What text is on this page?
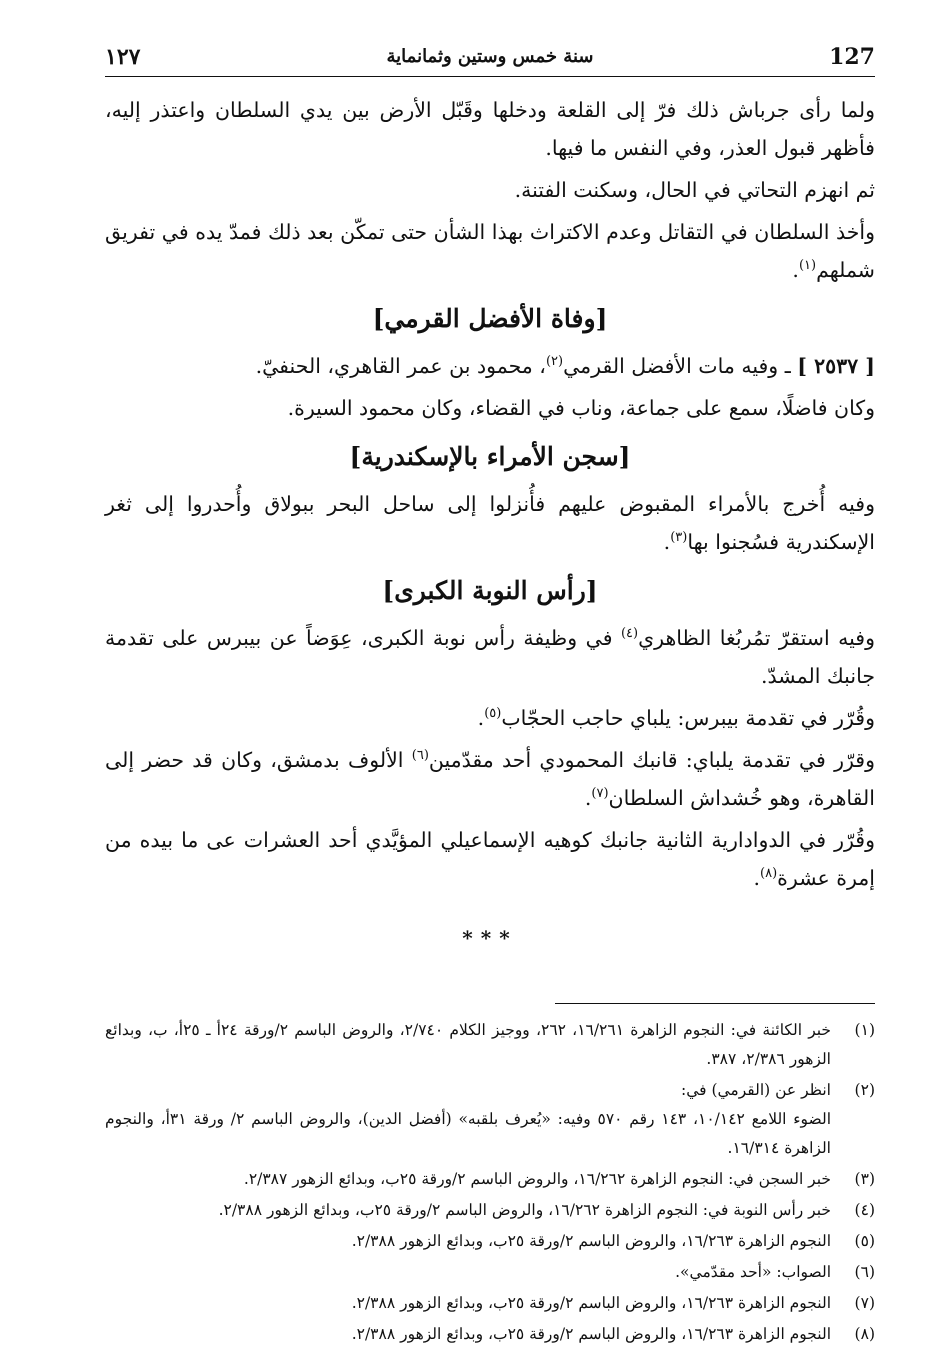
127
سنة خمس وستين وثمانماية
١٢٧

ولما رأى جرباش ذلك فرّ إلى القلعة ودخلها وقَبّل الأرض بين يدي السلطان واعتذر إليه، فأظهر قبول العذر، وفي النفس ما فيها.

ثم انهزم التحاتي في الحال، وسكنت الفتنة.

وأخذ السلطان في التقاتل وعدم الاكتراث بهذا الشأن حتى تمكّن بعد ذلك فمدّ يده في تفريق شملهم$^{(١)}$.

[وفاة الأفضل القرمي]

[ ٢٥٣٧ ] ـ وفيه مات الأفضل القرمي$^{(٢)}$، محمود بن عمر القاهري، الحنفيّ.

وكان فاضلًا، سمع على جماعة، وناب في القضاء، وكان محمود السيرة.

[سجن الأمراء بالإسكندرية]

وفيه أُخرج بالأمراء المقبوض عليهم فأُنزلوا إلى ساحل البحر ببولاق وأُحدروا إلى ثغر الإسكندرية فسُجنوا بها$^{(٣)}$.

[رأس النوبة الكبرى]

وفيه استقرّ تمُربُغا الظاهري$^{(٤)}$ في وظيفة رأس نوبة الكبرى، عِوَضاً عن بيبرس على تقدمة جانبك المشدّ.

وقُرّر في تقدمة بيبرس: يلباي حاجب الحجّاب$^{(٥)}$.

وقرّر في تقدمة يلباي: قانبك المحمودي أحد مقدّمين$^{(٦)}$ الألوف بدمشق، وكان قد حضر إلى القاهرة، وهو خُشداش السلطان$^{(٧)}$.

وقُرّر في الدوادارية الثانية جانبك كوهيه الإسماعيلي المؤيَّدي أحد العشرات عى ما بيده من إمرة عشرة$^{(٨)}$.

***
(١)
خبر الكائنة في: النجوم الزاهرة ١٦/٢٦١، ٢٦٢، ووجيز الكلام ٢/٧٤٠، والروض الباسم ٢/ورقة ٢٤أ ـ ٢٥أ، ب، وبدائع الزهور ٢/٣٨٦، ٣٨٧.
(٢)
انظر عن (القرمي) في:
الضوء اللامع ١٠/١٤٢، ١٤٣ رقم ٥٧٠ وفيه: «يُعرف بلقبه» (أفضل الدين)، والروض الباسم ٢/ ورقة ٣١أ، والنجوم الزاهرة ١٦/٣١٤.
(٣)
خبر السجن في: النجوم الزاهرة ١٦/٢٦٢، والروض الباسم ٢/ورقة ٢٥ب، وبدائع الزهور ٢/٣٨٧.
(٤)
خبر رأس النوبة في: النجوم الزاهرة ١٦/٢٦٢، والروض الباسم ٢/ورقة ٢٥ب، وبدائع الزهور ٢/٣٨٨.
(٥)
النجوم الزاهرة ١٦/٢٦٣، والروض الباسم ٢/ورقة ٢٥ب، وبدائع الزهور ٢/٣٨٨.
(٦)
الصواب: «أحد مقدّمي».
(٧)
النجوم الزاهرة ١٦/٢٦٣، والروض الباسم ٢/ورقة ٢٥ب، وبدائع الزهور ٢/٣٨٨.
(٨)
النجوم الزاهرة ١٦/٢٦٣، والروض الباسم ٢/ورقة ٢٥ب، وبدائع الزهور ٢/٣٨٨.
